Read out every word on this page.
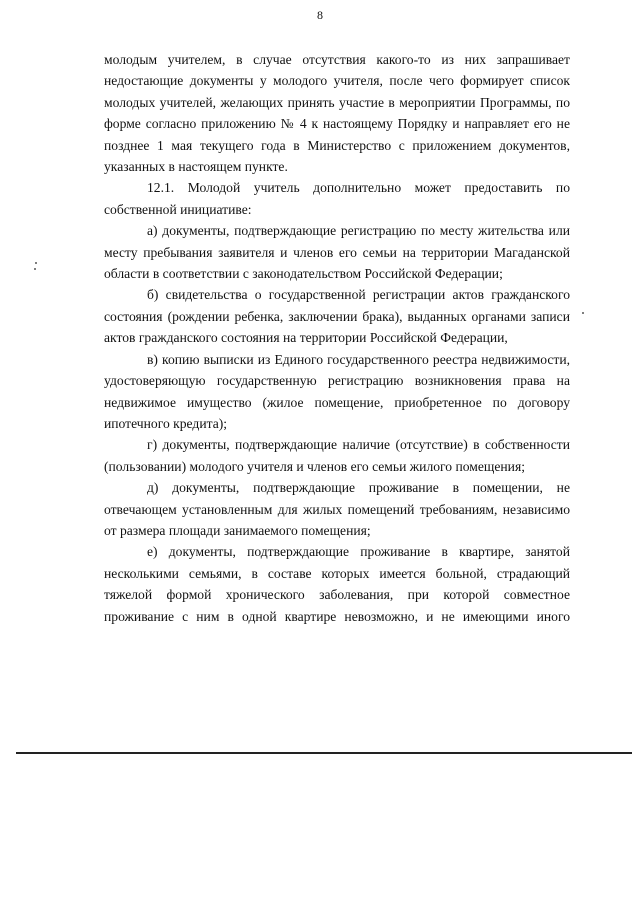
8

молодым учителем, в случае отсутствия какого-то из них запрашивает недостающие документы у молодого учителя, после чего формирует список молодых учителей, желающих принять участие в мероприятии Программы, по форме согласно приложению № 4 к настоящему Порядку и направляет его не позднее 1 мая текущего года в Министерство с приложением документов, указанных в настоящем пункте.

12.1. Молодой учитель дополнительно может предоставить по собственной инициативе:

а) документы, подтверждающие регистрацию по месту жительства или месту пребывания заявителя и членов его семьи на территории Магаданской области в соответствии с законодательством Российской Федерации;

б) свидетельства о государственной регистрации актов гражданского состояния (рождении ребенка, заключении брака), выданных органами записи актов гражданского состояния на территории Российской Федерации,

в) копию выписки из Единого государственного реестра недвижимости, удостоверяющую государственную регистрацию возникновения права на недвижимое имущество (жилое помещение, приобретенное по договору ипотечного кредита);

г) документы, подтверждающие наличие (отсутствие) в собственности (пользовании) молодого учителя и членов его семьи жилого помещения;

д) документы, подтверждающие проживание в помещении, не отвечающем установленным для жилых помещений требованиям, независимо от размера площади занимаемого помещения;

е) документы, подтверждающие проживание в квартире, занятой несколькими семьями, в составе которых имеется больной, страдающий тяжелой формой хронического заболевания, при которой совместное проживание с ним в одной квартире невозможно, и не имеющими иного
